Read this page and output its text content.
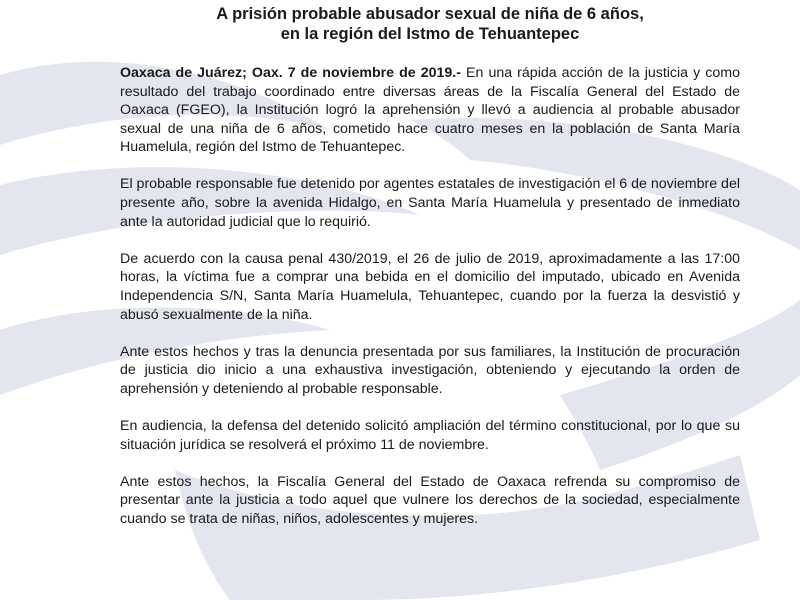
A prisión probable abusador sexual de niña de 6 años,
en la región del Istmo de Tehuantepec

Oaxaca de Juárez; Oax. 7 de noviembre de 2019.- En una rápida acción de la justicia y como resultado del trabajo coordinado entre diversas áreas de la Fiscalía General del Estado de Oaxaca (FGEO), la Institución logró la aprehensión y llevó a audiencia al probable abusador sexual de una niña de 6 años, cometido hace cuatro meses en la población de Santa María Huamelula, región del Istmo de Tehuantepec.

El probable responsable fue detenido por agentes estatales de investigación el 6 de noviembre del presente año, sobre la avenida Hidalgo, en Santa María Huamelula y presentado de inmediato ante la autoridad judicial que lo requirió.

De acuerdo con la causa penal 430/2019, el 26 de julio de 2019, aproximadamente a las 17:00 horas, la víctima fue a comprar una bebida en el domicilio del imputado, ubicado en Avenida Independencia S/N, Santa María Huamelula, Tehuantepec, cuando por la fuerza la desvistió y abusó sexualmente de la niña.

Ante estos hechos y tras la denuncia presentada por sus familiares, la Institución de procuración de justicia dio inicio a una exhaustiva investigación, obteniendo y ejecutando la orden de aprehensión y deteniendo al probable responsable.

En audiencia, la defensa del detenido solicitó ampliación del término constitucional, por lo que su situación jurídica se resolverá el próximo 11 de noviembre.

Ante estos hechos, la Fiscalía General del Estado de Oaxaca refrenda su compromiso de presentar ante la justicia a todo aquel que vulnere los derechos de la sociedad, especialmente cuando se trata de niñas, niños, adolescentes y mujeres.
